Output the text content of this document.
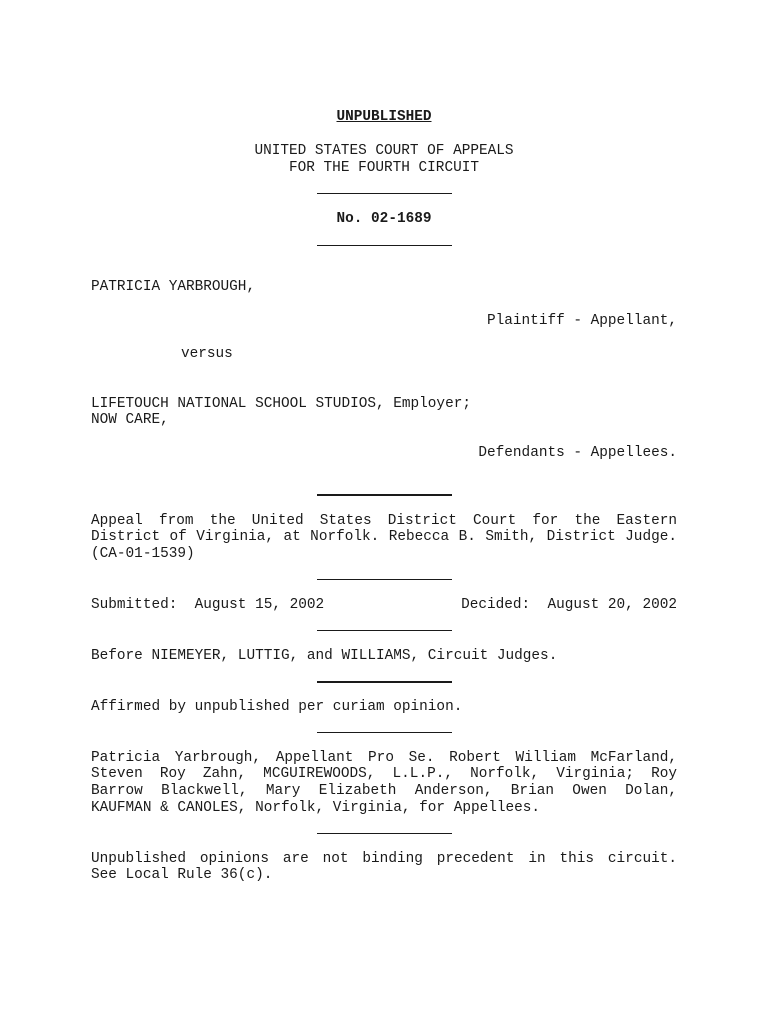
UNPUBLISHED
UNITED STATES COURT OF APPEALS
FOR THE FOURTH CIRCUIT
No. 02-1689
PATRICIA YARBROUGH,
Plaintiff - Appellant,
versus
LIFETOUCH NATIONAL SCHOOL STUDIOS, Employer;
NOW CARE,
Defendants - Appellees.
Appeal from the United States District Court for the Eastern
District of Virginia, at Norfolk. Rebecca B. Smith, District Judge.
(CA-01-1539)
Submitted:  August 15, 2002	Decided:  August 20, 2002
Before NIEMEYER, LUTTIG, and WILLIAMS, Circuit Judges.
Affirmed by unpublished per curiam opinion.
Patricia Yarbrough, Appellant Pro Se. Robert William McFarland,
Steven Roy Zahn, MCGUIREWOODS, L.L.P., Norfolk, Virginia; Roy
Barrow Blackwell, Mary Elizabeth Anderson, Brian Owen Dolan,
KAUFMAN & CANOLES, Norfolk, Virginia, for Appellees.
Unpublished opinions are not binding precedent in this circuit.
See Local Rule 36(c).
